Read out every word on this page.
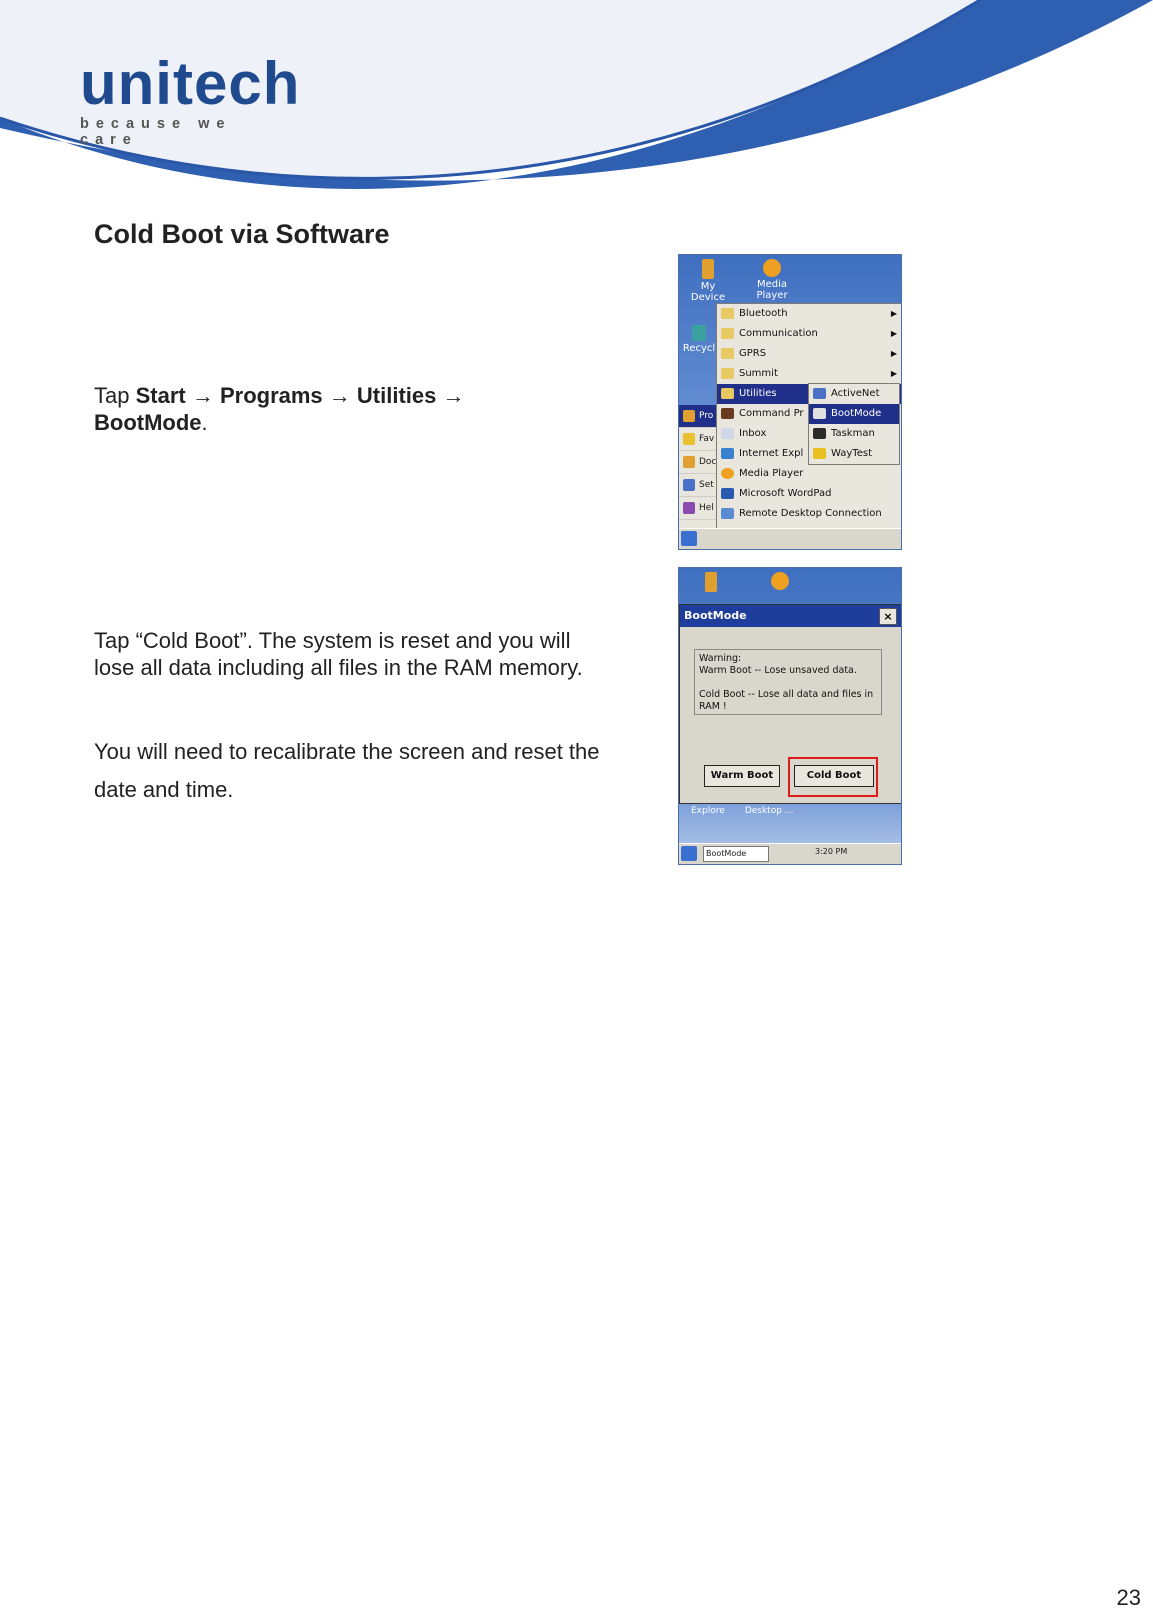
unitech
because we care
Cold Boot via Software
Tap Start → Programs → Utilities →
BootMode.
Tap “Cold Boot”. The system is reset and you will lose all data including all files in the RAM memory.
You will need to recalibrate the screen and reset the date and time.
My Device
Media Player
Recycl
Pro
Fav
Doc
Set
Hel
Bluetooth	▶
Communication	▶
GPRS	▶
Summit	▶
Utilities
Command Pr
Inbox
Internet Expl
Media Player
Microsoft WordPad
Remote Desktop Connection
ActiveNet
BootMode
Taskman
WayTest
BootMode	×
Warning:
Warm Boot -- Lose unsaved data.
Cold Boot -- Lose all data and files in
RAM !
Warm Boot	Cold Boot
Explore Desktop ...
BootMode	3:20 PM
23
